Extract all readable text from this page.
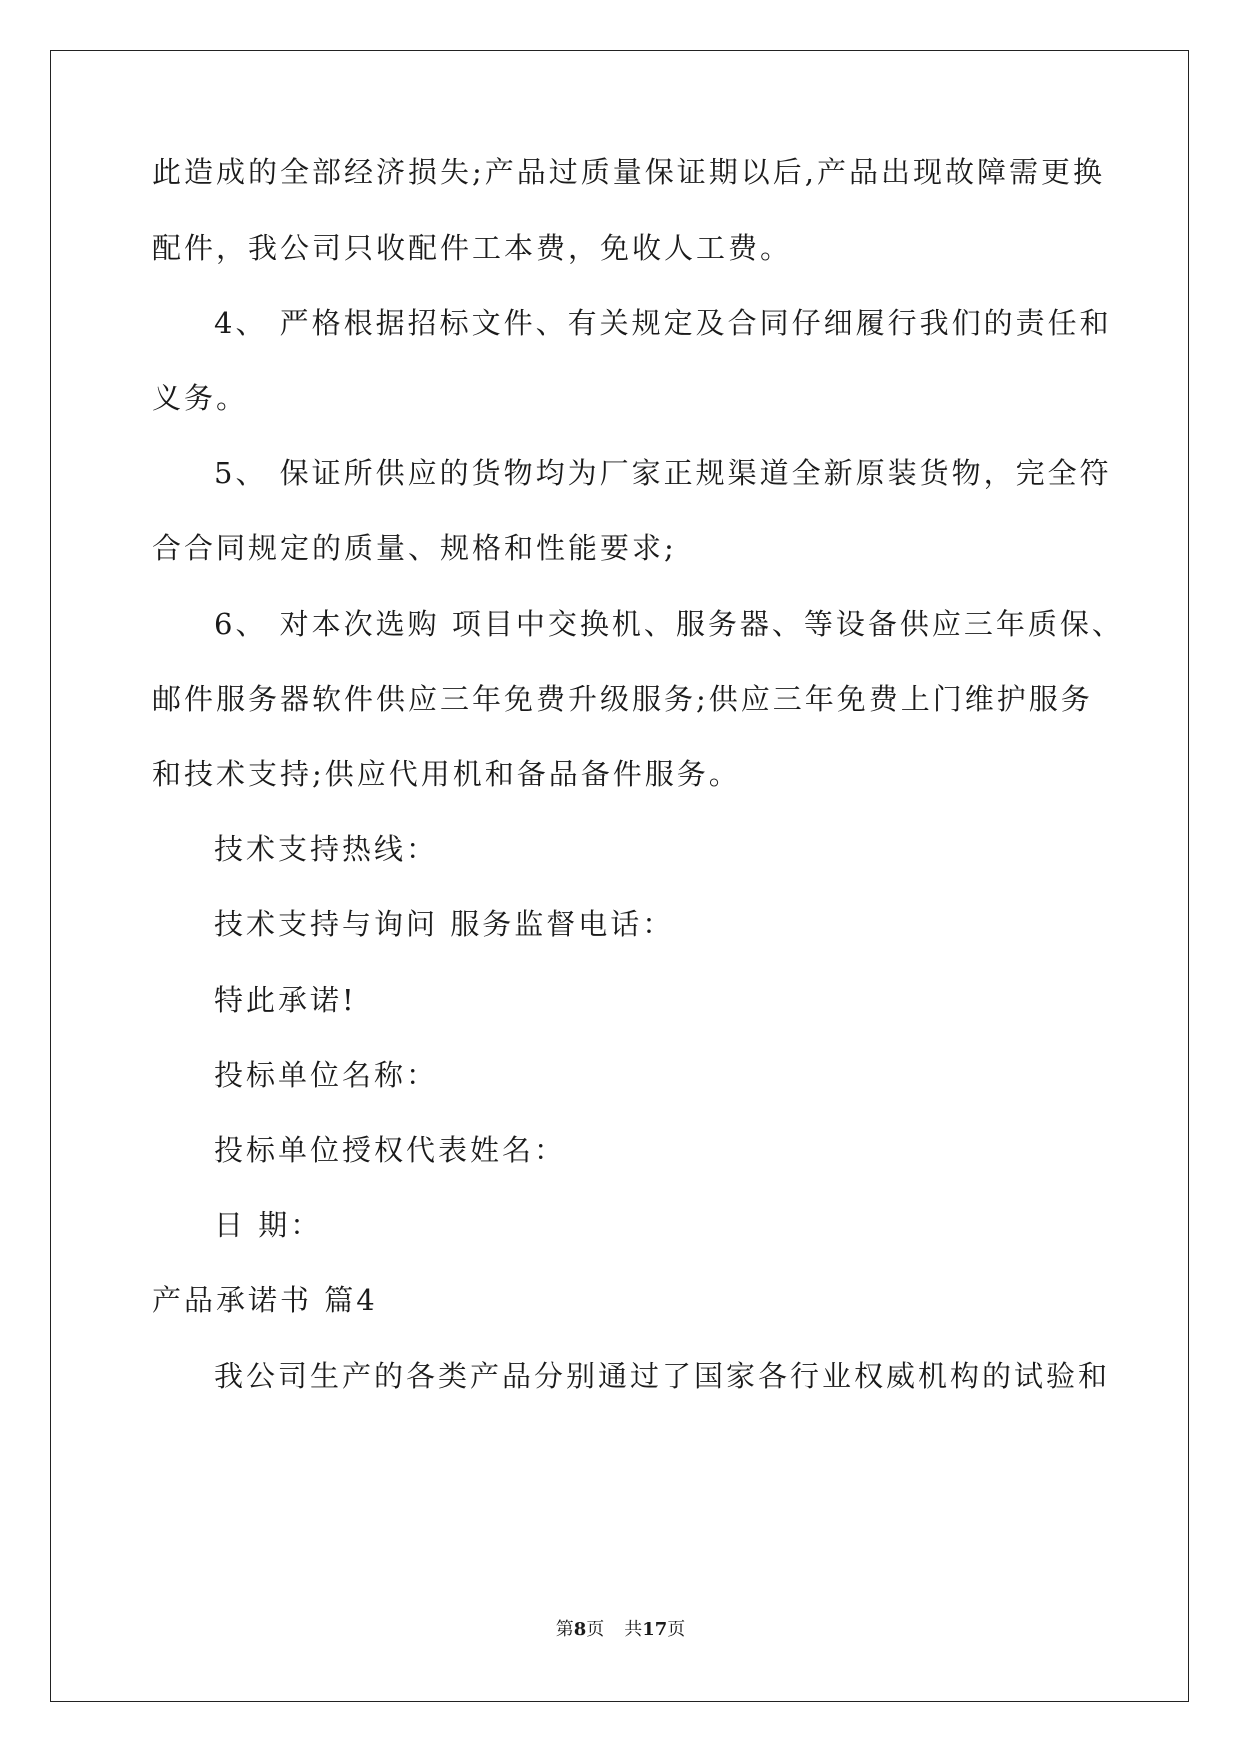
此造成的全部经济损失;产品过质量保证期以后,产品出现故障需更换
配件，我公司只收配件工本费，免收人工费。
4、 严格根据招标文件、有关规定及合同仔细履行我们的责任和
义务。
5、 保证所供应的货物均为厂家正规渠道全新原装货物，完全符
合合同规定的质量、规格和性能要求;
6、 对本次选购 项目中交换机、服务器、等设备供应三年质保、
邮件服务器软件供应三年免费升级服务;供应三年免费上门维护服务
和技术支持;供应代用机和备品备件服务。
技术支持热线：
技术支持与询问 服务监督电话：
特此承诺!
投标单位名称：
投标单位授权代表姓名：
日 期：
产品承诺书 篇4
我公司生产的各类产品分别通过了国家各行业权威机构的试验和
第8页 共17页
